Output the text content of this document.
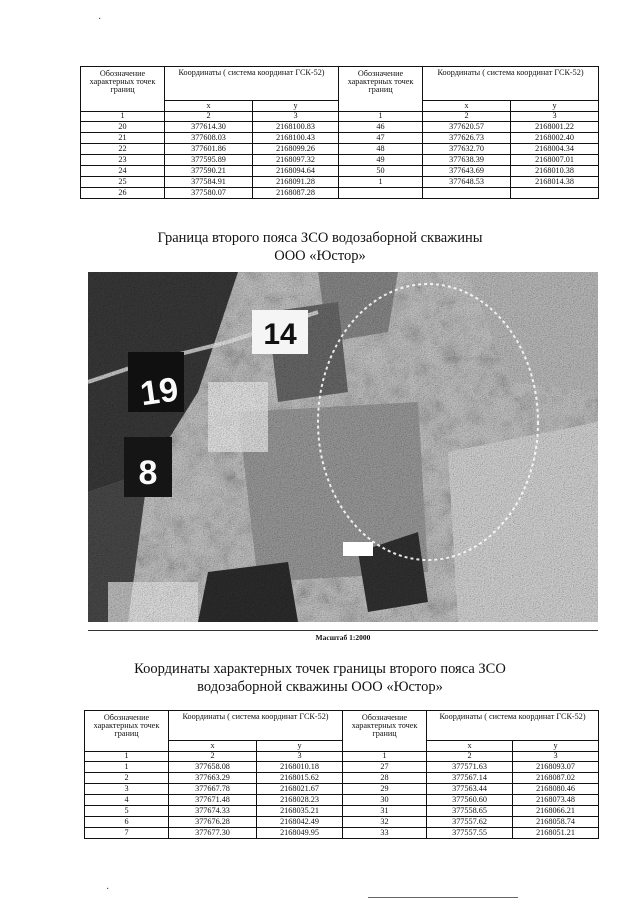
Обозначение характерных точек границ	Координаты ( система координат ГСК-52)		Обозначение характерных точек границ	Координаты ( система координат ГСК-52)	
	x	y		x	y
1	2	3	1	2	3
20	377614.30	2168100.83	46	377620.57	2168001.22
21	377608.03	2168100.43	47	377626.73	2168002.40
22	377601.86	2168099.26	48	377632.70	2168004.34
23	377595.89	2168097.32	49	377638.39	2168007.01
24	377590.21	2168094.64	50	377643.69	2168010.38
25	377584.91	2168091.28	1	377648.53	2168014.38
26	377580.07	2168087.28			
Граница второго пояса ЗСО водозаборной скважины
ООО «Юстор»
14
19
8
Масштаб 1:2000
Координаты характерных точек границы второго пояса ЗСО
водозаборной скважины ООО «Юстор»
Обозначение характерных точек границ	Координаты ( система координат ГСК-52)		Обозначение характерных точек границ	Координаты ( система координат ГСК-52)	
	x	y		x	y
1	2	3	1	2	3
1	377658.08	2168010.18	27	377571.63	2168093.07
2	377663.29	2168015.62	28	377567.14	2168087.02
3	377667.78	2168021.67	29	377563.44	2168080.46
4	377671.48	2168028.23	30	377560.60	2168073.48
5	377674.33	2168035.21	31	377558.65	2168066.21
6	377676.28	2168042.49	32	377557.62	2168058.74
7	377677.30	2168049.95	33	377557.55	2168051.21
·
·
